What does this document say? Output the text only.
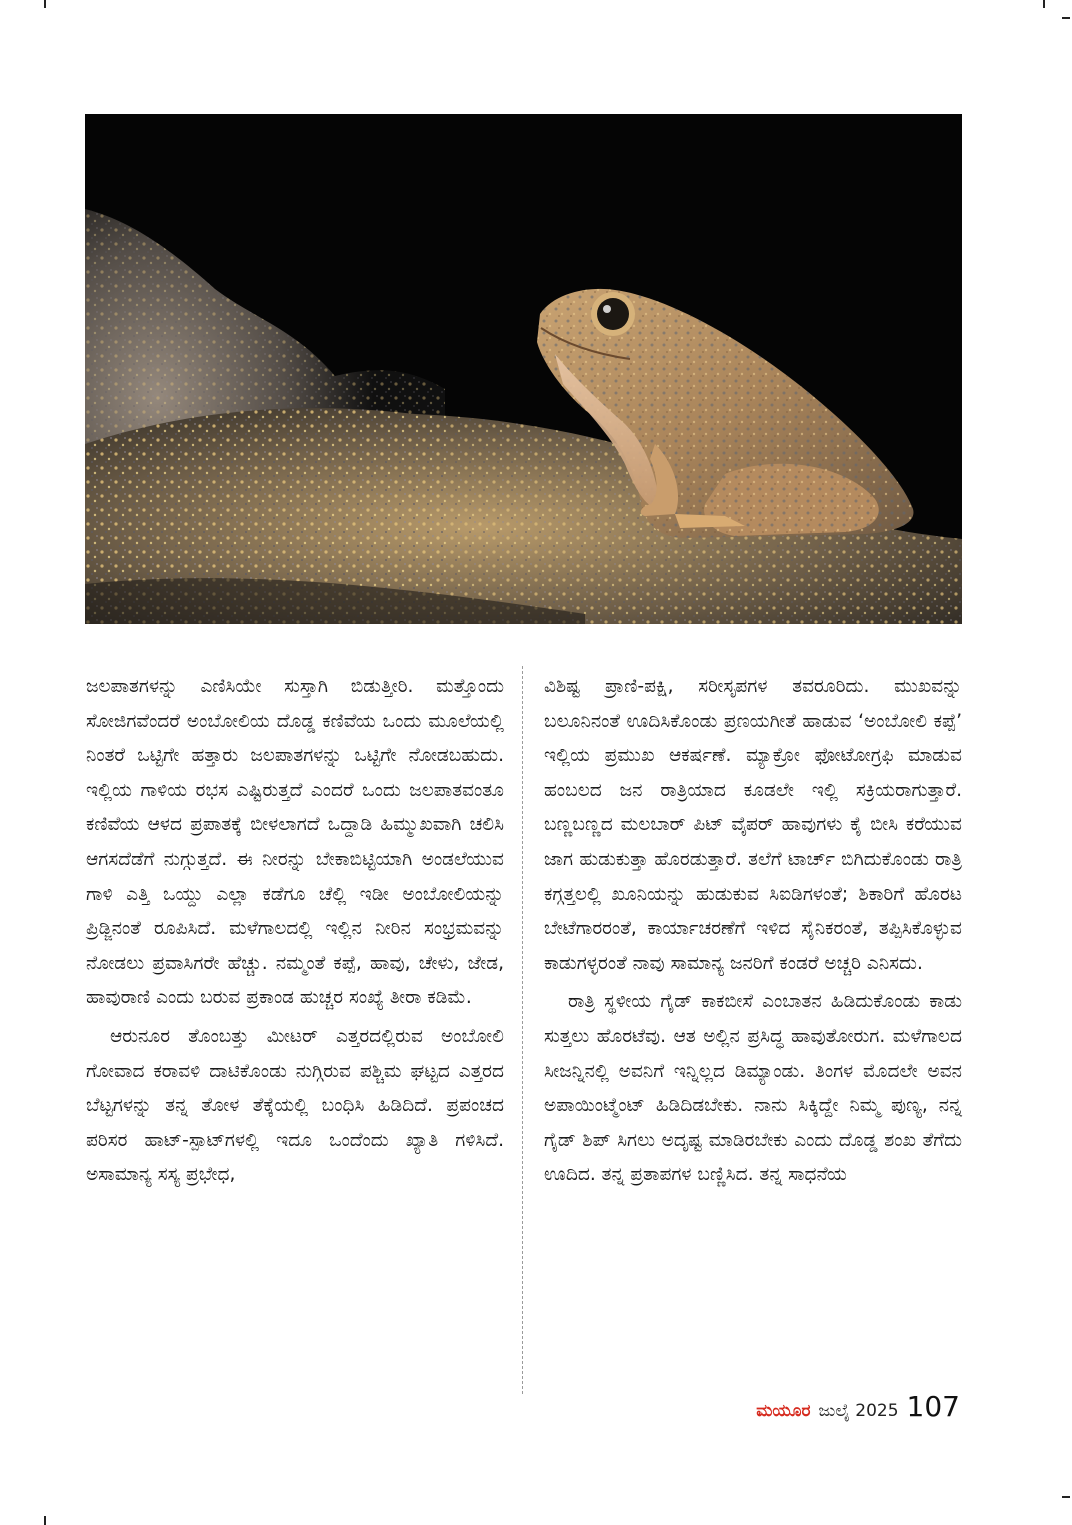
ಜಲಪಾತಗಳನ್ನು ಎಣಿಸಿಯೇ ಸುಸ್ತಾಗಿ ಬಿಡುತ್ತೀರಿ. ಮತ್ತೊಂದು ಸೋಜಿಗವೆಂದರೆ ಅಂಬೋಲಿಯ ದೊಡ್ಡ ಕಣಿವೆಯ ಒಂದು ಮೂಲೆಯಲ್ಲಿ ನಿಂತರೆ ಒಟ್ಟಿಗೇ ಹತ್ತಾರು ಜಲಪಾತಗಳನ್ನು ಒಟ್ಟಿಗೇ ನೋಡಬಹುದು. ಇಲ್ಲಿಯ ಗಾಳಿಯ ರಭಸ ಎಷ್ಟಿರುತ್ತದೆ ಎಂದರೆ ಒಂದು ಜಲಪಾತವಂತೂ ಕಣಿವೆಯ ಆಳದ ಪ್ರಪಾತಕ್ಕೆ ಬೀಳಲಾಗದೆ ಒದ್ದಾಡಿ ಹಿಮ್ಮುಖವಾಗಿ ಚಲಿಸಿ ಆಗಸದೆಡೆಗೆ ನುಗ್ಗುತ್ತದೆ. ಈ ನೀರನ್ನು ಬೇಕಾಬಿಟ್ಟಿಯಾಗಿ ಅಂಡಲೆಯುವ ಗಾಳಿ ಎತ್ತಿ ಒಯ್ದು ಎಲ್ಲಾ ಕಡೆಗೂ ಚೆಲ್ಲಿ ಇಡೀ ಅಂಬೋಲಿಯನ್ನು ಪ್ರಿಡ್ಜಿನಂತೆ ರೂಪಿಸಿದೆ. ಮಳೆಗಾಲದಲ್ಲಿ ಇಲ್ಲಿನ ನೀರಿನ ಸಂಭ್ರಮವನ್ನು ನೋಡಲು ಪ್ರವಾಸಿಗರೇ ಹೆಚ್ಚು. ನಮ್ಮಂತೆ ಕಪ್ಪೆ, ಹಾವು, ಚೇಳು, ಜೇಡ, ಹಾವುರಾಣಿ ಎಂದು ಬರುವ ಪ್ರಕಾಂಡ ಹುಚ್ಚರ ಸಂಖ್ಯೆ ತೀರಾ ಕಡಿಮೆ.

ಆರುನೂರ ತೊಂಬತ್ತು ಮೀಟರ್ ಎತ್ತರದಲ್ಲಿರುವ ಅಂಬೋಲಿ ಗೋವಾದ ಕರಾವಳಿ ದಾಟಿಕೊಂಡು ನುಗ್ಗಿರುವ ಪಶ್ಚಿಮ ಘಟ್ಟದ ಎತ್ತರದ ಬೆಟ್ಟಗಳನ್ನು ತನ್ನ ತೋಳ ತೆಕ್ಕೆಯಲ್ಲಿ ಬಂಧಿಸಿ ಹಿಡಿದಿದೆ. ಪ್ರಪಂಚದ ಪರಿಸರ ಹಾಟ್-ಸ್ಪಾಟ್‌ಗಳಲ್ಲಿ ಇದೂ ಒಂದೆಂದು ಖ್ಯಾತಿ ಗಳಿಸಿದೆ. ಅಸಾಮಾನ್ಯ ಸಸ್ಯ ಪ್ರಭೇಧ,

ವಿಶಿಷ್ಟ ಪ್ರಾಣಿ-ಪಕ್ಷಿ, ಸರೀಸೃಪಗಳ ತವರೂರಿದು. ಮುಖವನ್ನು ಬಲೂನಿನಂತೆ ಊದಿಸಿಕೊಂಡು ಪ್ರಣಯಗೀತೆ ಹಾಡುವ ‘ಅಂಬೋಲಿ ಕಪ್ಪೆ’ ಇಲ್ಲಿಯ ಪ್ರಮುಖ ಆಕರ್ಷಣೆ. ಮ್ಯಾಕ್ರೋ ಫೋಟೋಗ್ರಫಿ ಮಾಡುವ ಹಂಬಲದ ಜನ ರಾತ್ರಿಯಾದ ಕೂಡಲೇ ಇಲ್ಲಿ ಸಕ್ರಿಯರಾಗುತ್ತಾರೆ. ಬಣ್ಣಬಣ್ಣದ ಮಲಬಾರ್ ಪಿಟ್ ವೈಪರ್ ಹಾವುಗಳು ಕೈ ಬೀಸಿ ಕರೆಯುವ ಜಾಗ ಹುಡುಕುತ್ತಾ ಹೊರಡುತ್ತಾರೆ. ತಲೆಗೆ ಟಾರ್ಚ್ ಬಿಗಿದುಕೊಂಡು ರಾತ್ರಿ ಕಗ್ಗತ್ತಲಲ್ಲಿ ಖೂನಿಯನ್ನು ಹುಡುಕುವ ಸಿಐಡಿಗಳಂತೆ; ಶಿಕಾರಿಗೆ ಹೊರಟ ಬೇಟೆಗಾರರಂತೆ, ಕಾರ್ಯಾಚರಣೆಗೆ ಇಳಿದ ಸೈನಿಕರಂತೆ, ತಪ್ಪಿಸಿಕೊಳ್ಳುವ ಕಾಡುಗಳ್ಳರಂತೆ ನಾವು ಸಾಮಾನ್ಯ ಜನರಿಗೆ ಕಂಡರೆ ಅಚ್ಚರಿ ಎನಿಸದು.

ರಾತ್ರಿ ಸ್ಥಳೀಯ ಗೈಡ್ ಕಾಕಬೀಸೆ ಎಂಬಾತನ ಹಿಡಿದುಕೊಂಡು ಕಾಡು ಸುತ್ತಲು ಹೊರಟೆವು. ಆತ ಅಲ್ಲಿನ ಪ್ರಸಿದ್ಧ ಹಾವುತೋರುಗ. ಮಳೆಗಾಲದ ಸೀಜನ್ನಿನಲ್ಲಿ ಅವನಿಗೆ ಇನ್ನಿಲ್ಲದ ಡಿಮ್ಯಾಂಡು. ತಿಂಗಳ ಮೊದಲೇ ಅವನ ಅಪಾಯಿಂಟ್ಮೆಂಟ್ ಹಿಡಿದಿಡಬೇಕು. ನಾನು ಸಿಕ್ಕಿದ್ದೇ ನಿಮ್ಮ ಪುಣ್ಯ, ನನ್ನ ಗೈಡ್ ಶಿಪ್ ಸಿಗಲು ಅದೃಷ್ಟ ಮಾಡಿರಬೇಕು ಎಂದು ದೊಡ್ಡ ಶಂಖ ತೆಗೆದು ಊದಿದ. ತನ್ನ ಪ್ರತಾಪಗಳ ಬಣ್ಣಿಸಿದ. ತನ್ನ ಸಾಧನೆಯ

ಮಯೂರ ಜುಲೈ 2025 107
